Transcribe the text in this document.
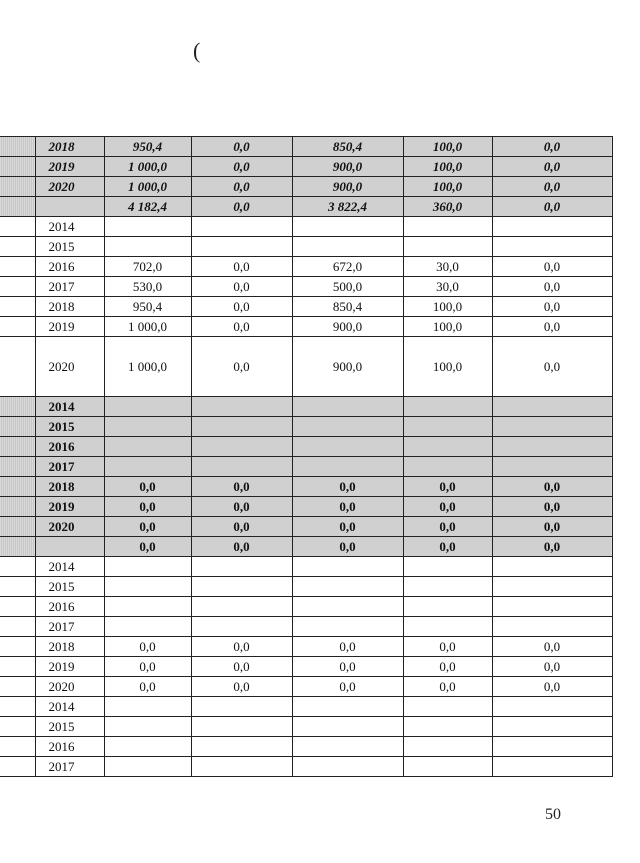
(
	2018	950,4	0,0	850,4	100,0	0,0
	2019	1 000,0	0,0	900,0	100,0	0,0
	2020	1 000,0	0,0	900,0	100,0	0,0
		4 182,4	0,0	3 822,4	360,0	0,0
	2014					
	2015					
	2016	702,0	0,0	672,0	30,0	0,0
	2017	530,0	0,0	500,0	30,0	0,0
	2018	950,4	0,0	850,4	100,0	0,0
	2019	1 000,0	0,0	900,0	100,0	0,0
	2020	1 000,0	0,0	900,0	100,0	0,0
	2014					
	2015					
	2016					
	2017					
	2018	0,0	0,0	0,0	0,0	0,0
	2019	0,0	0,0	0,0	0,0	0,0
	2020	0,0	0,0	0,0	0,0	0,0
		0,0	0,0	0,0	0,0	0,0
	2014					
	2015					
	2016					
	2017					
	2018	0,0	0,0	0,0	0,0	0,0
	2019	0,0	0,0	0,0	0,0	0,0
	2020	0,0	0,0	0,0	0,0	0,0
	2014					
	2015					
	2016					
	2017					
50
